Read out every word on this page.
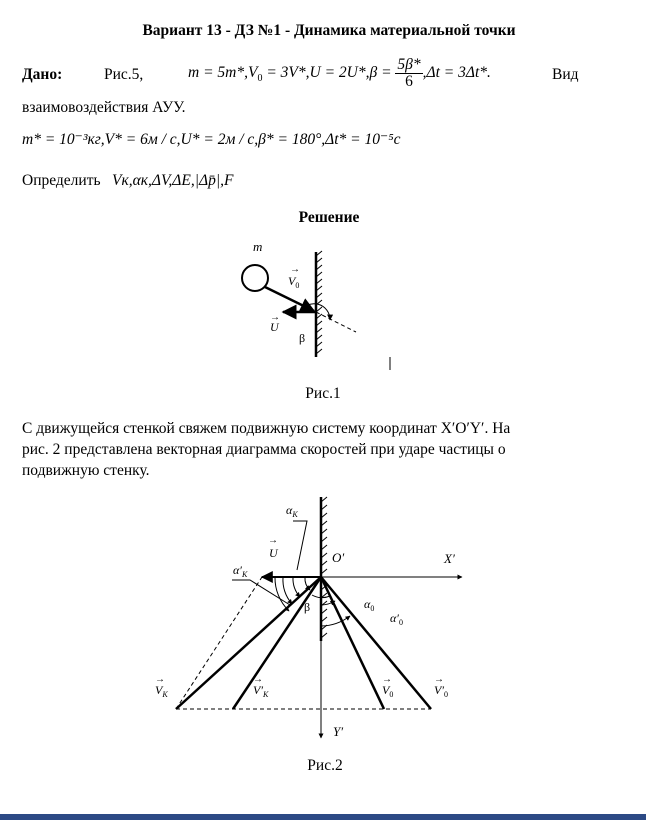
Вариант 13 - ДЗ №1 - Динамика материальной точки
Дано:	Рис.5,	$m = 5m*,V_0 = 3V*,U = 2U*,\beta = \frac{5\beta*}{6} ,\Delta t = 3\Delta t*$.	Вид
взаимовоздействия АУУ.
m* = 10⁻³кг,V* = 6м / с,U* = 2м / с,β* = 180°,Δt* = 10⁻⁵с
Определить Vк,αк,ΔV,ΔE,|Δp̄|,F
Решение
m
$V_0$
→
U
→
β
Рис.1
С движущейся стенкой свяжем подвижную систему координат X′O′Y′. На
рис. 2 представлена векторная диаграмма скоростей при ударе частицы о
подвижную стенку.
$\alpha_K$
$\alpha'_K$
→
U	O′	X′
Y′
β	$\alpha_0$
$\alpha'_0$
→
$V_K$
→
$V'_K$
→
$V_0$
→
$V'_0$
Рис.2
